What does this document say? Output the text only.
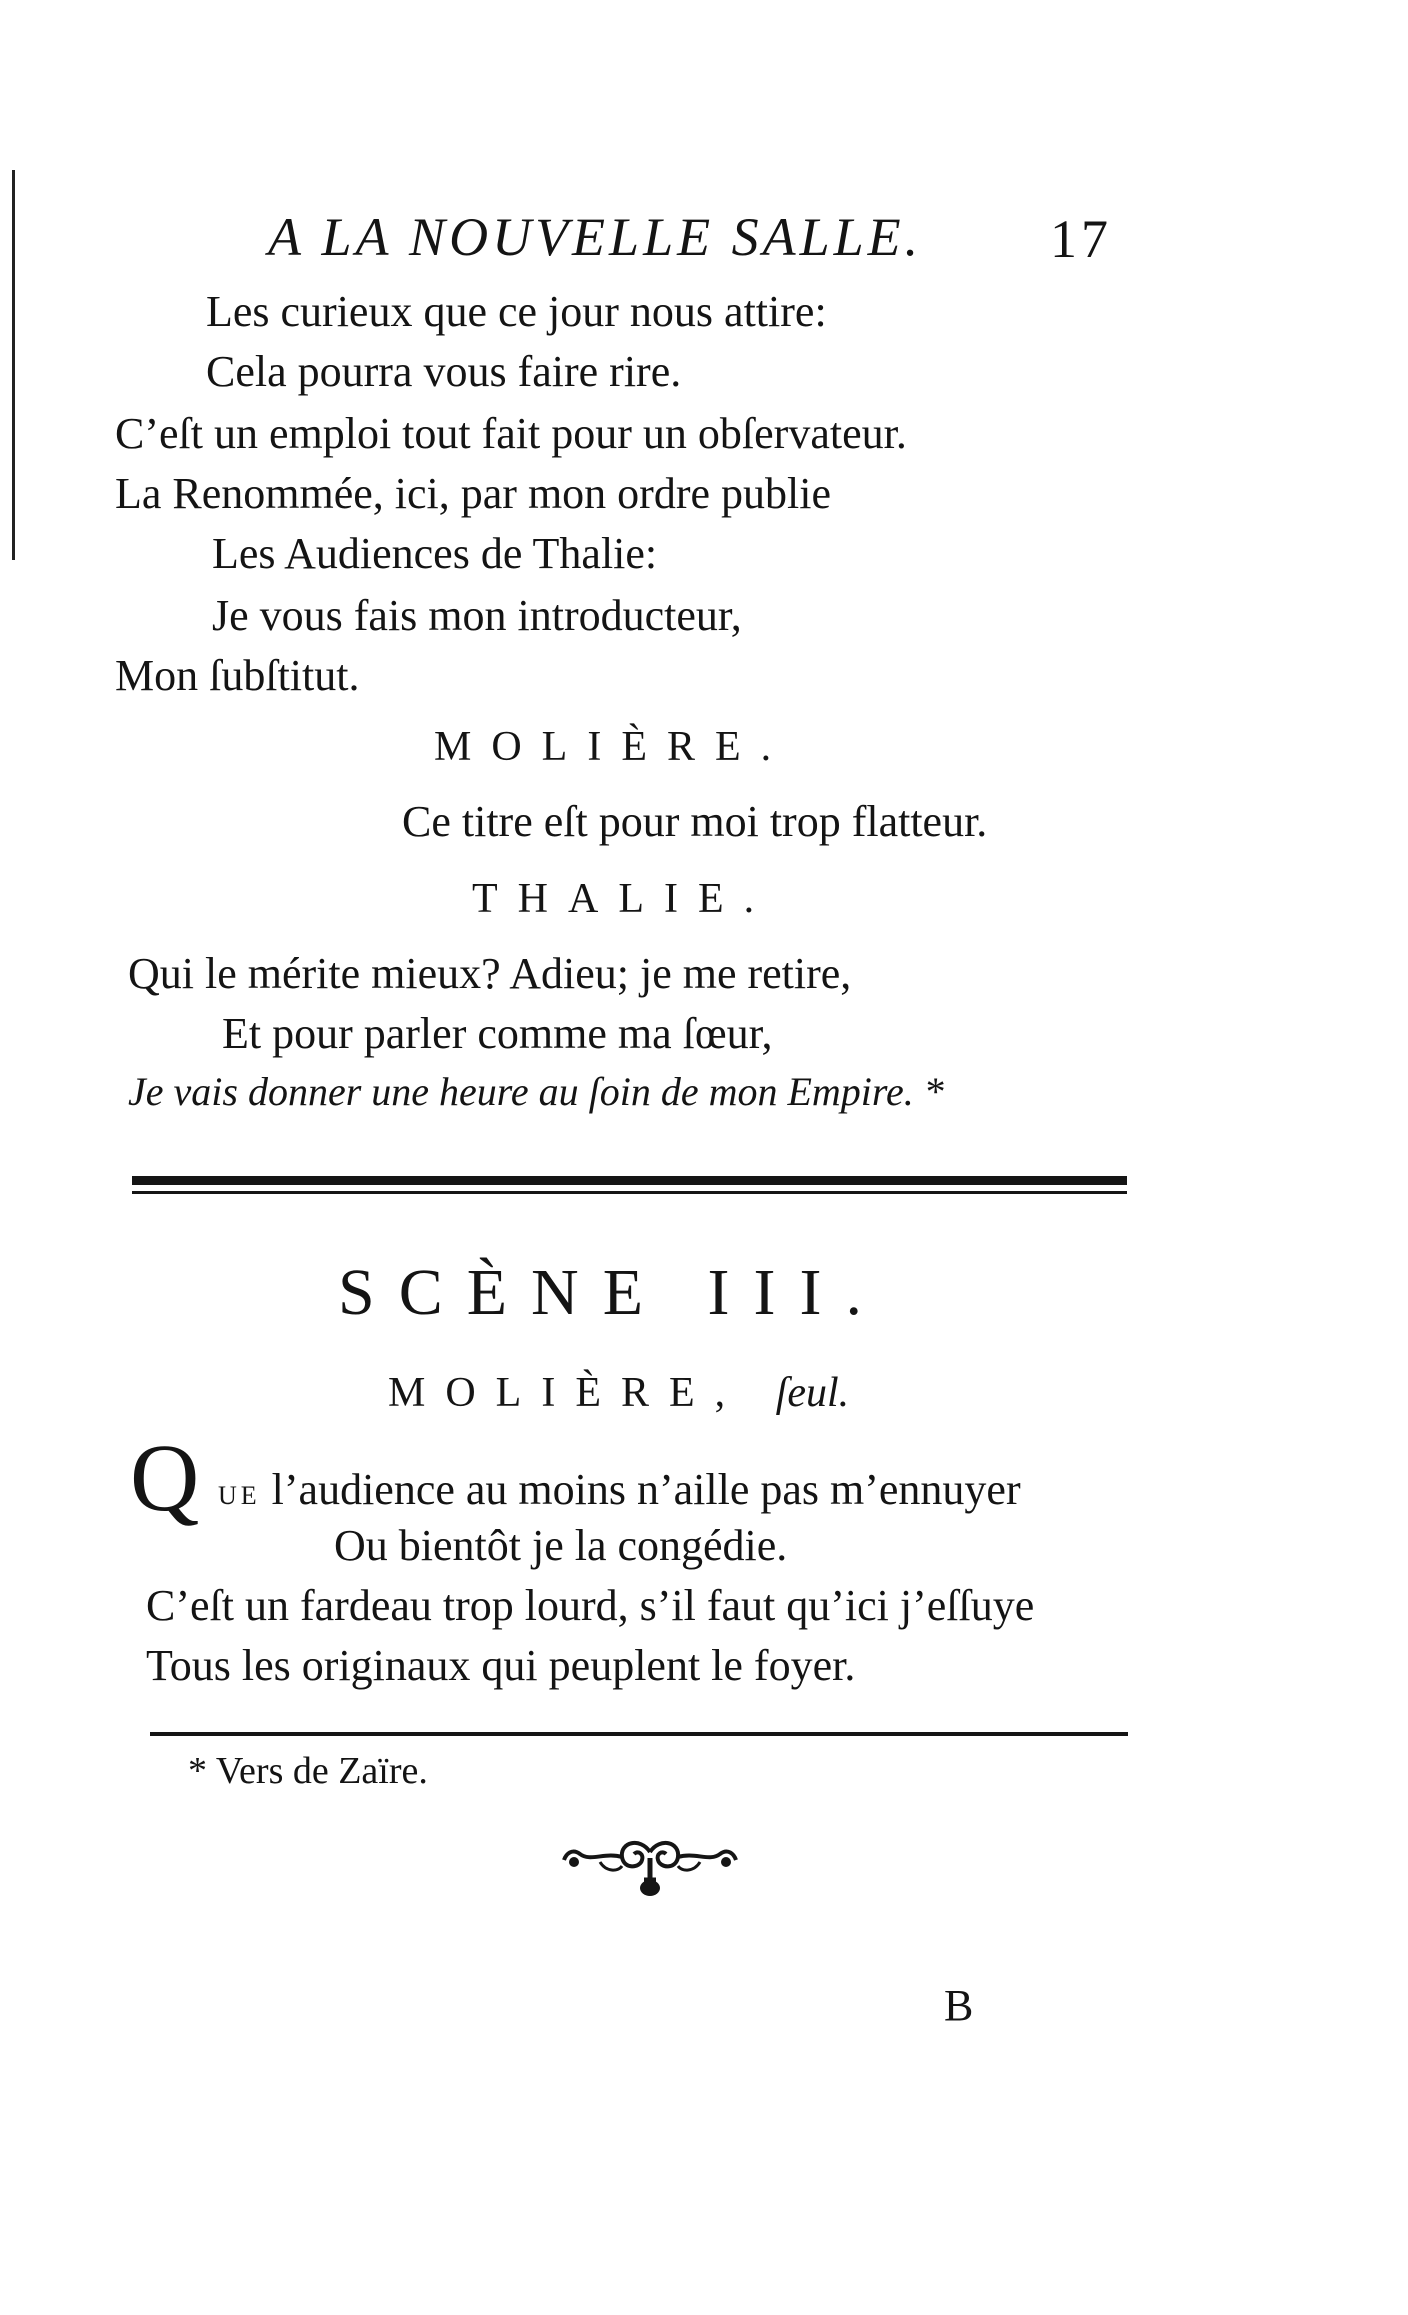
A LA NOUVELLE SALLE. 17
Les curieux que ce jour nous attire:
Cela pourra vous faire rire.
C’eſt un emploi tout fait pour un obſervateur.
La Renommée, ici, par mon ordre publie
Les Audiences de Thalie:
Je vous fais mon introducteur,
Mon ſubſtitut.
MOLIÈRE.
Ce titre eſt pour moi trop flatteur.
THALIE.
Qui le mérite mieux? Adieu; je me retire,
Et pour parler comme ma ſœur,
Je vais donner une heure au ſoin de mon Empire. *
SCÈNE III.
MOLIÈRE, ſeul.
Q UE l’audience au moins n’aille pas m’ennuyer
Ou bientôt je la congédie.
C’eſt un fardeau trop lourd, s’il faut qu’ici j’eſſuye
Tous les originaux qui peuplent le foyer.
* Vers de Zaïre.
B
